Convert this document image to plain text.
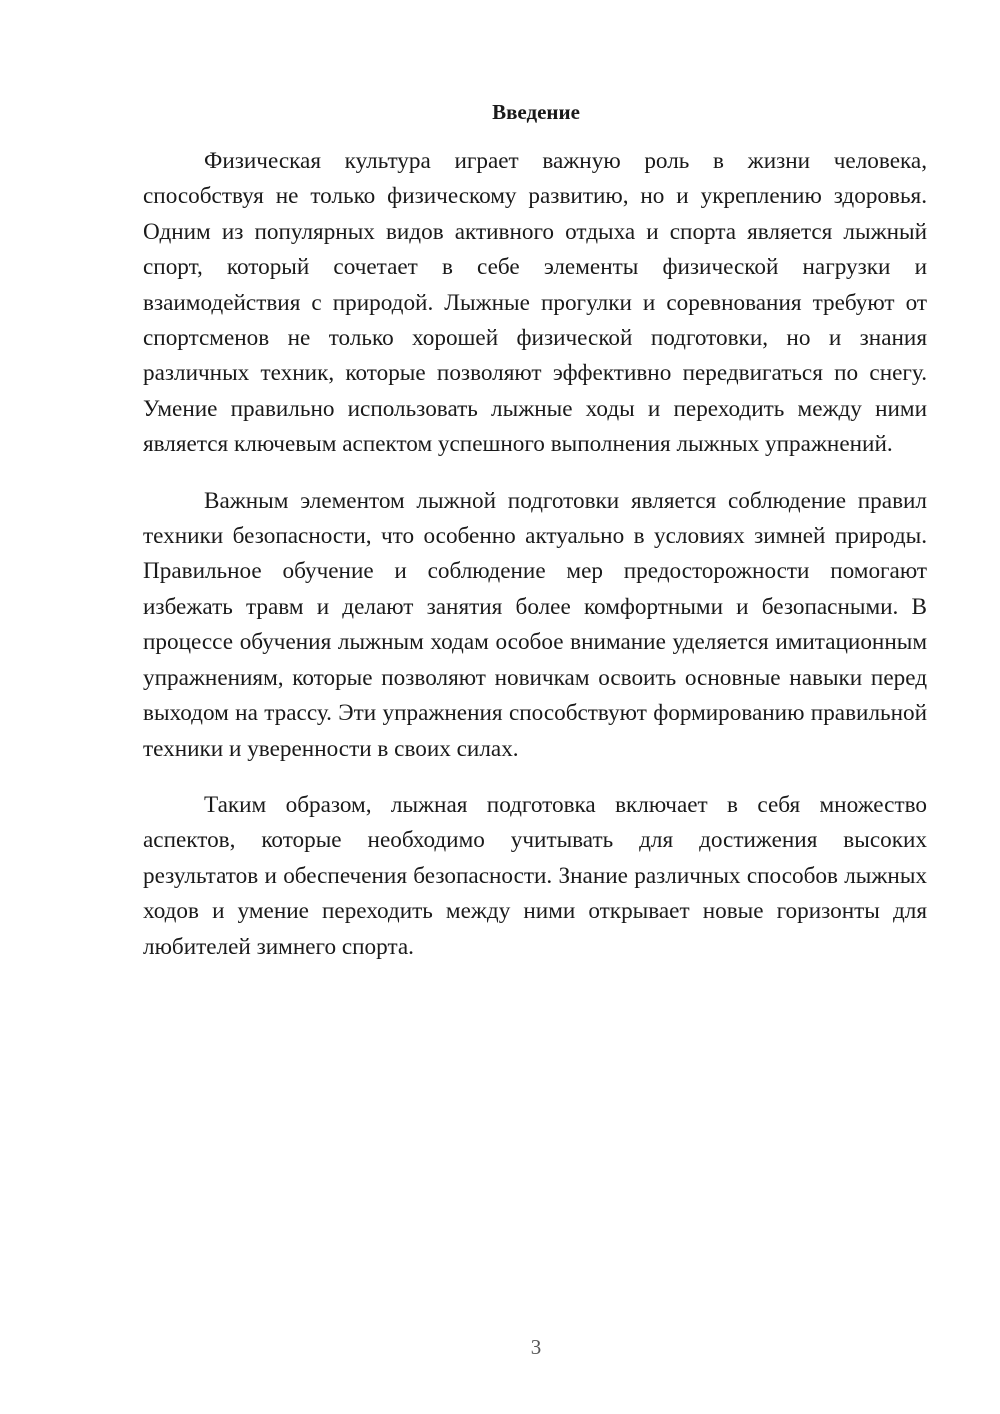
Введение

Физическая культура играет важную роль в жизни человека, способствуя не только физическому развитию, но и укреплению здоровья. Одним из популярных видов активного отдыха и спорта является лыжный спорт, который сочетает в себе элементы физической нагрузки и взаимодействия с природой. Лыжные прогулки и соревнования требуют от спортсменов не только хорошей физической подготовки, но и знания различных техник, которые позволяют эффективно передвигаться по снегу. Умение правильно использовать лыжные ходы и переходить между ними является ключевым аспектом успешного выполнения лыжных упражнений.

Важным элементом лыжной подготовки является соблюдение правил техники безопасности, что особенно актуально в условиях зимней природы. Правильное обучение и соблюдение мер предосторожности помогают избежать травм и делают занятия более комфортными и безопасными. В процессе обучения лыжным ходам особое внимание уделяется имитационным упражнениям, которые позволяют новичкам освоить основные навыки перед выходом на трассу. Эти упражнения способствуют формированию правильной техники и уверенности в своих силах.

Таким образом, лыжная подготовка включает в себя множество аспектов, которые необходимо учитывать для достижения высоких результатов и обеспечения безопасности. Знание различных способов лыжных ходов и умение переходить между ними открывает новые горизонты для любителей зимнего спорта.

3
